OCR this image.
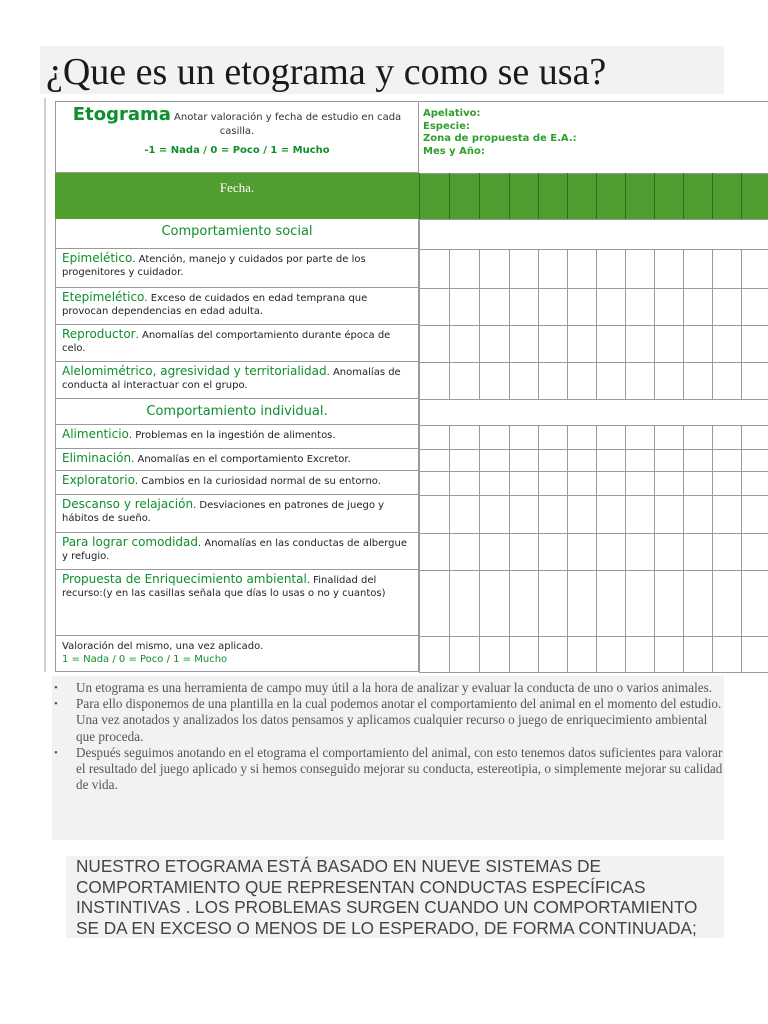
¿Que es un etograma y como se usa?
Etograma Anotar valoración y fecha de estudio en cada casilla.
-1 = Nada / 0 = Poco / 1 = Mucho
Apelativo:
Especie:
Zona de propuesta de E.A.:
Mes y Año:
Fecha.
Comportamiento social
Epimelético. Atención, manejo y cuidados por parte de los progenitores y cuidador.
Etepimelético. Exceso de cuidados en edad temprana que provocan dependencias en edad adulta.
Reproductor. Anomalías del comportamiento durante época de celo.
Alelomimétrico, agresividad y territorialidad. Anomalías de conducta al interactuar con el grupo.
Comportamiento individual.
Alimenticio. Problemas en la ingestión de alimentos.
Eliminación. Anomalías en el comportamiento Excretor.
Exploratorio. Cambios en la curiosidad normal de su entorno.
Descanso y relajación. Desviaciones en patrones de juego y hábitos de sueño.
Para lograr comodidad. Anomalías en las conductas de albergue y refugio.
Propuesta de Enriquecimiento ambiental. Finalidad del recurso:(y en las casillas señala que días lo usas o no y cuantos)
Valoración del mismo, una vez aplicado.
1 = Nada / 0 = Poco / 1 = Mucho
• Un etograma es una herramienta de campo muy útil a la hora de analizar y evaluar la conducta de uno o varios animales.
• Para ello disponemos de una plantilla en la cual podemos anotar el comportamiento del animal en el momento del estudio. Una vez anotados y analizados los datos pensamos y aplicamos cualquier recurso o juego de enriquecimiento ambiental que proceda.
• Después seguimos anotando en el etograma el comportamiento del animal, con esto tenemos datos suficientes para valorar el resultado del juego aplicado y si hemos conseguido mejorar su conducta, estereotipia, o simplemente mejorar su calidad de vida.

NUESTRO ETOGRAMA ESTÁ BASADO EN NUEVE SISTEMAS DE COMPORTAMIENTO QUE REPRESENTAN CONDUCTAS ESPECÍFICAS INSTINTIVAS . LOS PROBLEMAS SURGEN CUANDO UN COMPORTAMIENTO SE DA EN EXCESO O MENOS DE LO ESPERADO, DE FORMA CONTINUADA;
